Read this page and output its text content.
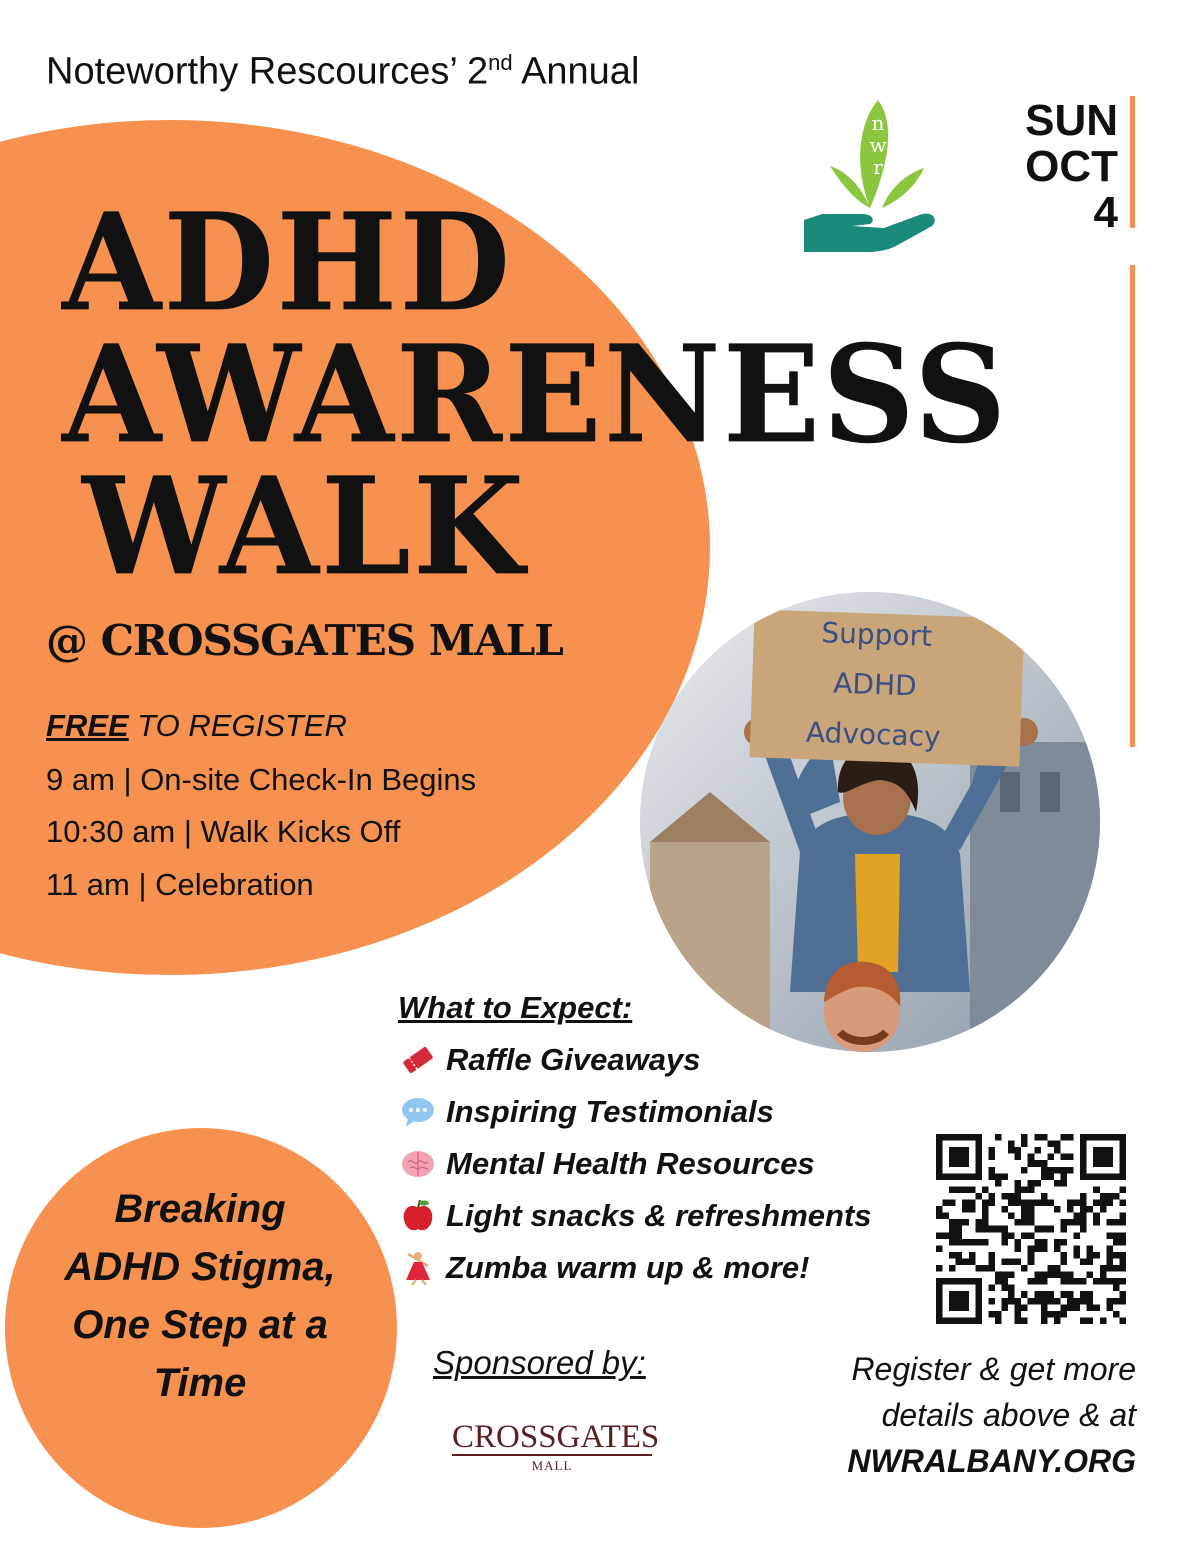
Noteworthy Rescources’ 2nd Annual
ADHD
AWARENESS
WALK
@ CROSSGATES MALL
FREE TO REGISTER
9 am | On-site Check-In Begins
10:30 am | Walk Kicks Off
11 am | Celebration
n
w
r
SUN
OCT
4
Support
ADHD
Advocacy
What to Expect:
Raffle Giveaways
Inspiring Testimonials
Mental Health Resources
Light snacks & refreshments
Zumba warm up & more!
Breaking ADHD Stigma, One Step at a Time	Sponsored by:
CROSSGATES
MALL
Register & get more
details above & at
NWRALBANY.ORG
